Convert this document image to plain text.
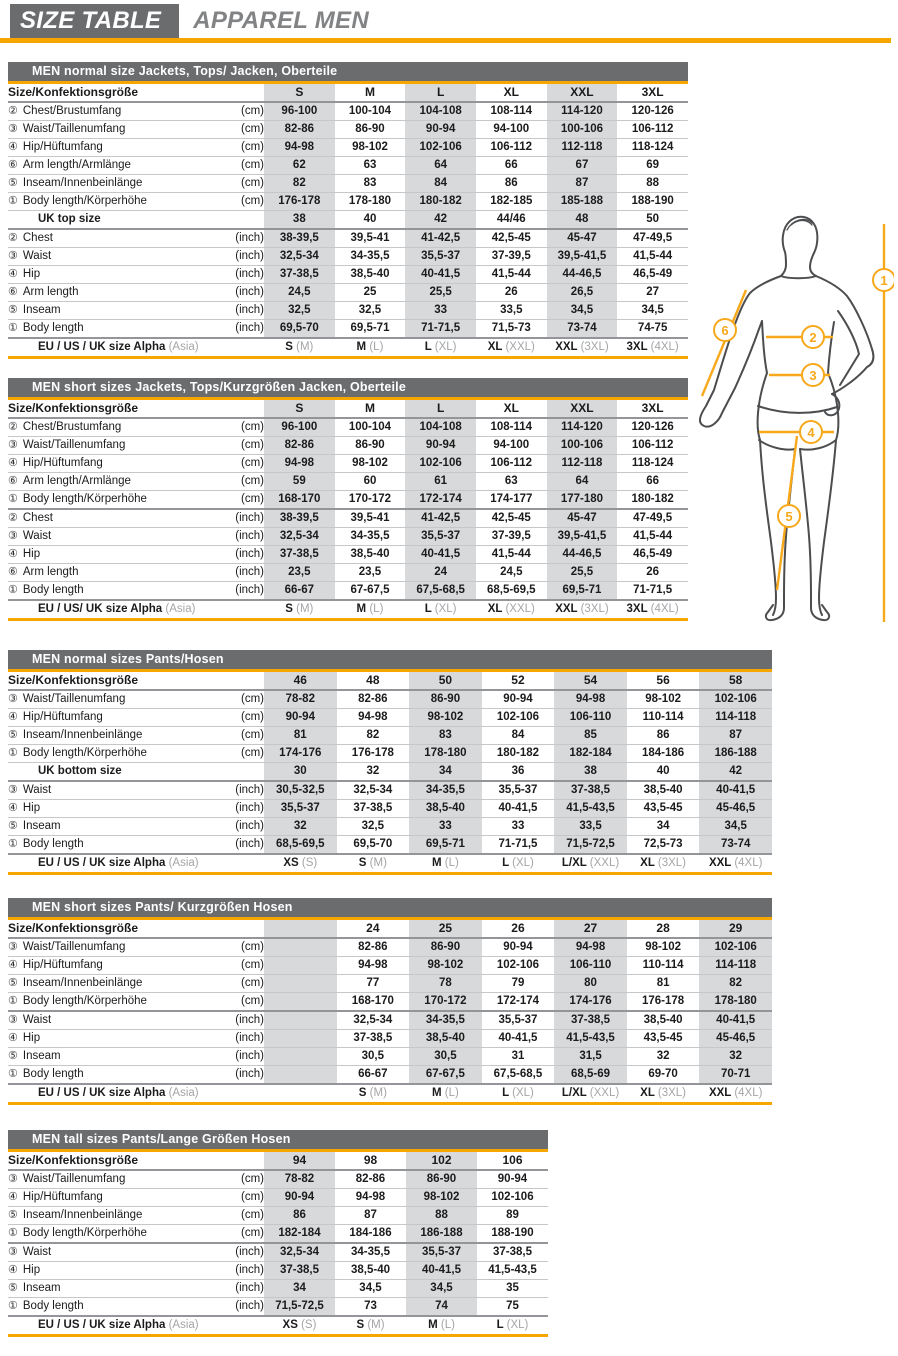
SIZE TABLE	APPAREL MEN
MEN normal size Jackets, Tops/ Jacken, Oberteile
Size/Konfektionsgröße		S	M	L	XL	XXL	3XL
② Chest/Brustumfang	(cm)	96-100	100-104	104-108	108-114	114-120	120-126
③ Waist/Taillenumfang	(cm)	82-86	86-90	90-94	94-100	100-106	106-112
④ Hip/Hüftumfang	(cm)	94-98	98-102	102-106	106-112	112-118	118-124
⑥ Arm length/Armlänge	(cm)	62	63	64	66	67	69
⑤ Inseam/Innenbeinlänge	(cm)	82	83	84	86	87	88
① Body length/Körperhöhe	(cm)	176-178	178-180	180-182	182-185	185-188	188-190
UK top size		38	40	42	44/46	48	50
② Chest	(inch)	38-39,5	39,5-41	41-42,5	42,5-45	45-47	47-49,5
③ Waist	(inch)	32,5-34	34-35,5	35,5-37	37-39,5	39,5-41,5	41,5-44
④ Hip	(inch)	37-38,5	38,5-40	40-41,5	41,5-44	44-46,5	46,5-49
⑥ Arm length	(inch)	24,5	25	25,5	26	26,5	27
⑤ Inseam	(inch)	32,5	32,5	33	33,5	34,5	34,5
① Body length	(inch)	69,5-70	69,5-71	71-71,5	71,5-73	73-74	74-75
EU / US / UK size Alpha (Asia)		S (M)	M (L)	L (XL)	XL (XXL)	XXL (3XL)	3XL (4XL)
MEN short sizes Jackets, Tops/Kurzgrößen Jacken, Oberteile
Size/Konfektionsgröße		S	M	L	XL	XXL	3XL
② Chest/Brustumfang	(cm)	96-100	100-104	104-108	108-114	114-120	120-126
③ Waist/Taillenumfang	(cm)	82-86	86-90	90-94	94-100	100-106	106-112
④ Hip/Hüftumfang	(cm)	94-98	98-102	102-106	106-112	112-118	118-124
⑥ Arm length/Armlänge	(cm)	59	60	61	63	64	66
① Body length/Körperhöhe	(cm)	168-170	170-172	172-174	174-177	177-180	180-182
② Chest	(inch)	38-39,5	39,5-41	41-42,5	42,5-45	45-47	47-49,5
③ Waist	(inch)	32,5-34	34-35,5	35,5-37	37-39,5	39,5-41,5	41,5-44
④ Hip	(inch)	37-38,5	38,5-40	40-41,5	41,5-44	44-46,5	46,5-49
⑥ Arm length	(inch)	23,5	23,5	24	24,5	25,5	26
① Body length	(inch)	66-67	67-67,5	67,5-68,5	68,5-69,5	69,5-71	71-71,5
EU / US/ UK size Alpha (Asia)		S (M)	M (L)	L (XL)	XL (XXL)	XXL (3XL)	3XL (4XL)
MEN normal sizes Pants/Hosen
Size/Konfektionsgröße		46	48	50	52	54	56	58
③ Waist/Taillenumfang	(cm)	78-82	82-86	86-90	90-94	94-98	98-102	102-106
④ Hip/Hüftumfang	(cm)	90-94	94-98	98-102	102-106	106-110	110-114	114-118
⑤ Inseam/Innenbeinlänge	(cm)	81	82	83	84	85	86	87
① Body length/Körperhöhe	(cm)	174-176	176-178	178-180	180-182	182-184	184-186	186-188
UK bottom size		30	32	34	36	38	40	42
③ Waist	(inch)	30,5-32,5	32,5-34	34-35,5	35,5-37	37-38,5	38,5-40	40-41,5
④ Hip	(inch)	35,5-37	37-38,5	38,5-40	40-41,5	41,5-43,5	43,5-45	45-46,5
⑤ Inseam	(inch)	32	32,5	33	33	33,5	34	34,5
① Body length	(inch)	68,5-69,5	69,5-70	69,5-71	71-71,5	71,5-72,5	72,5-73	73-74
EU / US / UK size Alpha (Asia)		XS (S)	S (M)	M (L)	L (XL)	L/XL (XXL)	XL (3XL)	XXL (4XL)
MEN short sizes Pants/ Kurzgrößen Hosen
Size/Konfektionsgröße			24	25	26	27	28	29
③ Waist/Taillenumfang	(cm)		82-86	86-90	90-94	94-98	98-102	102-106
④ Hip/Hüftumfang	(cm)		94-98	98-102	102-106	106-110	110-114	114-118
⑤ Inseam/Innenbeinlänge	(cm)		77	78	79	80	81	82
① Body length/Körperhöhe	(cm)		168-170	170-172	172-174	174-176	176-178	178-180
③ Waist	(inch)		32,5-34	34-35,5	35,5-37	37-38,5	38,5-40	40-41,5
④ Hip	(inch)		37-38,5	38,5-40	40-41,5	41,5-43,5	43,5-45	45-46,5
⑤ Inseam	(inch)		30,5	30,5	31	31,5	32	32
① Body length	(inch)		66-67	67-67,5	67,5-68,5	68,5-69	69-70	70-71
EU / US / UK size Alpha (Asia)			S (M)	M (L)	L (XL)	L/XL (XXL)	XL (3XL)	XXL (4XL)
MEN tall sizes Pants/Lange Größen Hosen
Size/Konfektionsgröße		94	98	102	106
③ Waist/Taillenumfang	(cm)	78-82	82-86	86-90	90-94
④ Hip/Hüftumfang	(cm)	90-94	94-98	98-102	102-106
⑤ Inseam/Innenbeinlänge	(cm)	86	87	88	89
① Body length/Körperhöhe	(cm)	182-184	184-186	186-188	188-190
③ Waist	(inch)	32,5-34	34-35,5	35,5-37	37-38,5
④ Hip	(inch)	37-38,5	38,5-40	40-41,5	41,5-43,5
⑤ Inseam	(inch)	34	34,5	34,5	35
① Body length	(inch)	71,5-72,5	73	74	75
EU / US / UK size Alpha (Asia)		XS (S)	S (M)	M (L)	L (XL)
1
2
3
4
5
6
